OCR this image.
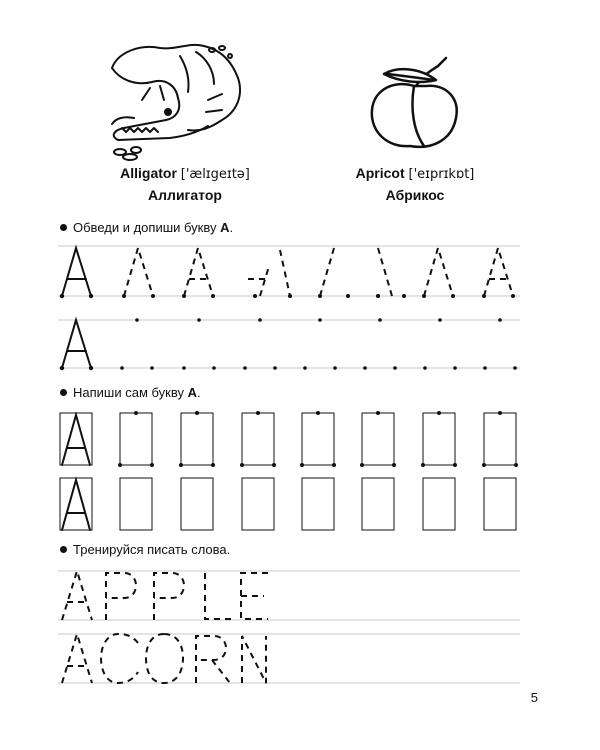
Alligator ['ælɪgeɪtə]
Аллигатор
Apricot ['eɪprɪkɒt]
Абрикос
Обведи и допиши букву А.
Напиши сам букву А.
Тренируйся писать слова.
APPLE
ACORN
5
